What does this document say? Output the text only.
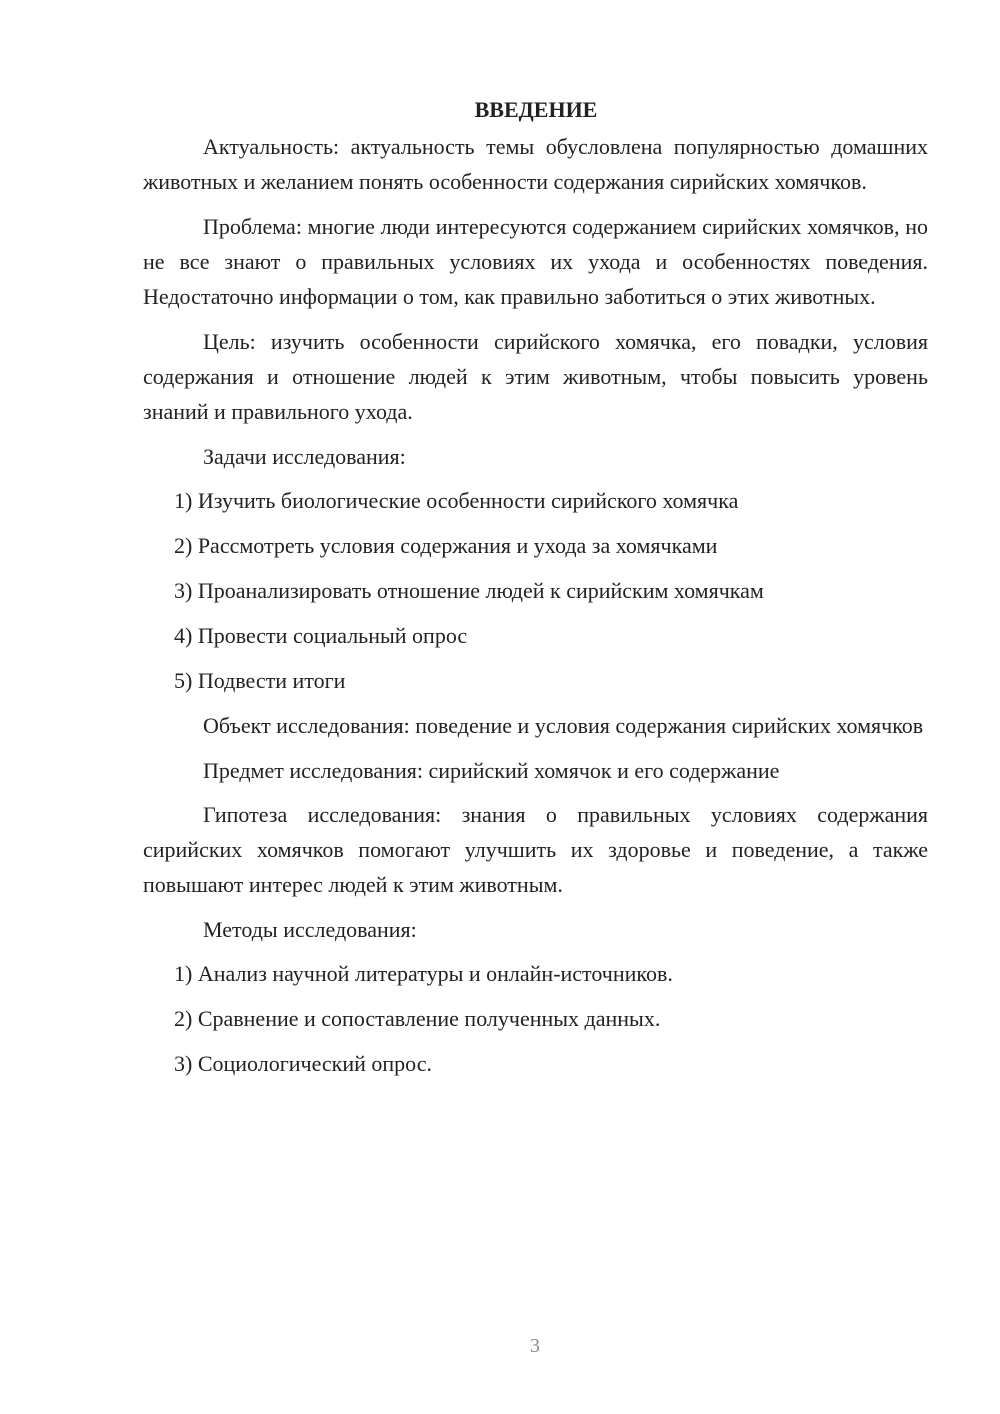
ВВЕДЕНИЕ

Актуальность: актуальность темы обусловлена популярностью домашних животных и желанием понять особенности содержания сирийских хомячков.

Проблема: многие люди интересуются содержанием сирийских хомячков, но не все знают о правильных условиях их ухода и особенностях поведения. Недостаточно информации о том, как правильно заботиться о этих животных.

Цель: изучить особенности сирийского хомячка, его повадки, условия содержания и отношение людей к этим животным, чтобы повысить уровень знаний и правильного ухода.

Задачи исследования:

1) Изучить биологические особенности сирийского хомячка
2) Рассмотреть условия содержания и ухода за хомячками
3) Проанализировать отношение людей к сирийским хомячкам
4) Провести социальный опрос
5) Подвести итоги

Объект исследования: поведение и условия содержания сирийских хомячков

Предмет исследования: сирийский хомячок и его содержание

Гипотеза исследования: знания о правильных условиях содержания сирийских хомячков помогают улучшить их здоровье и поведение, а также повышают интерес людей к этим животным.

Методы исследования:

1) Анализ научной литературы и онлайн-источников.
2) Сравнение и сопоставление полученных данных.
3) Социологический опрос.
3
